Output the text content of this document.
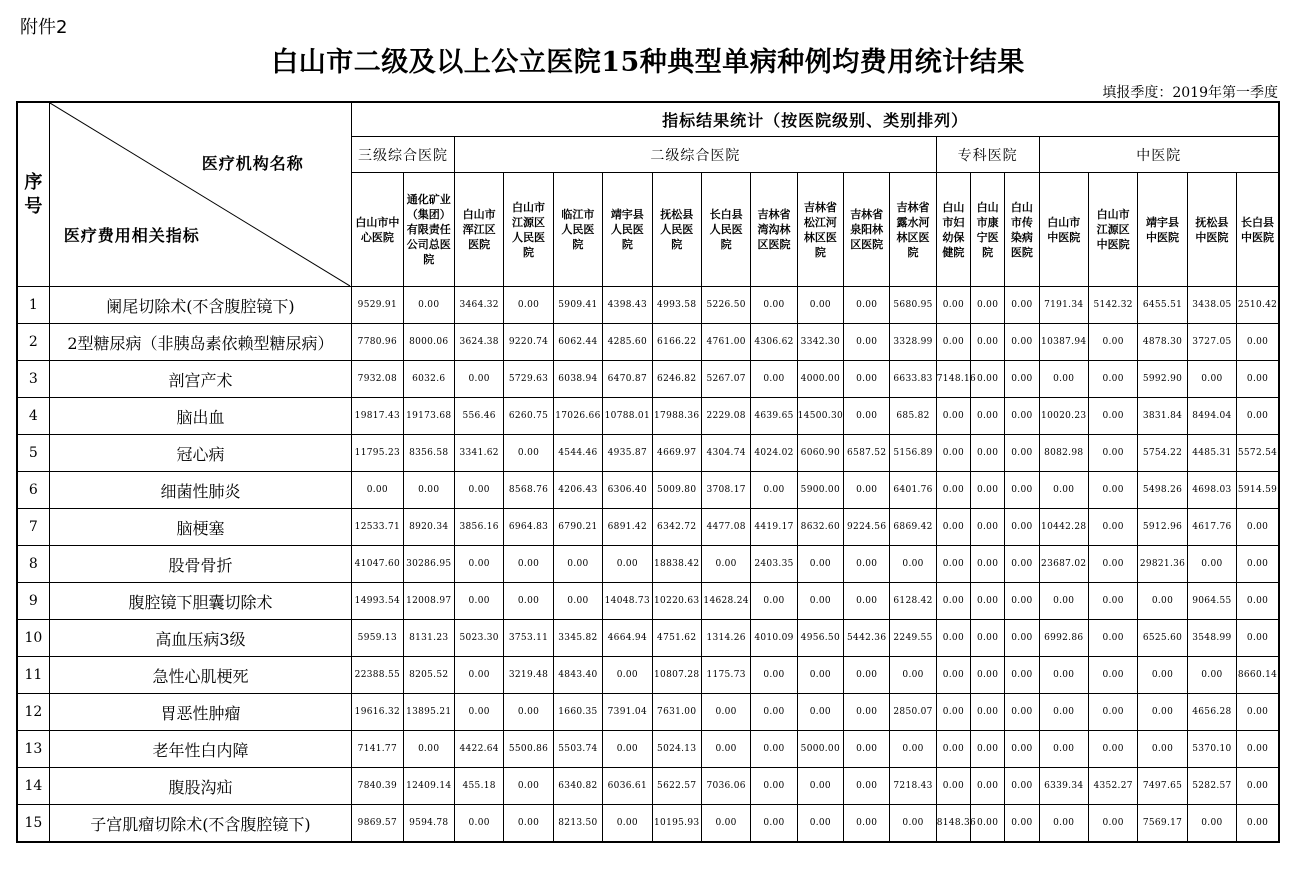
附件2
白山市二级及以上公立医院15种典型单病种例均费用统计结果
填报季度：2019年第一季度
序号	医疗机构名称
医疗费用相关指标	指标结果统计（按医院级别、类别排列）																			
		三级综合医院		二级综合医院										专科医院			中医院				

		白山市中心医院	通化矿业（集团）有限责任公司总医院	白山市浑江区医院	白山市江源区人民医院	临江市人民医院	靖宇县人民医院	抚松县人民医院	长白县人民医院	吉林省湾沟林区医院	吉林省松江河林区医院	吉林省泉阳林区医院	吉林省露水河林区医院	白山市妇幼保健院	白山市康宁医院	白山市传染病医院	白山市中医院	白山市江源区中医院	靖宇县中医院	抚松县中医院	长白县中医院

1	阑尾切除术(不含腹腔镜下)	9529.91	0.00	3464.32	0.00	5909.41	4398.43	4993.58	5226.50	0.00	0.00	0.00	5680.95	0.00	0.00	0.00	7191.34	5142.32	6455.51	3438.05	2510.42
2	2型糖尿病（非胰岛素依赖型糖尿病）	7780.96	8000.06	3624.38	9220.74	6062.44	4285.60	6166.22	4761.00	4306.62	3342.30	0.00	3328.99	0.00	0.00	0.00	10387.94	0.00	4878.30	3727.05	0.00
3	剖宫产术	7932.08	6032.6	0.00	5729.63	6038.94	6470.87	6246.82	5267.07	0.00	4000.00	0.00	6633.83	7148.16	0.00	0.00	0.00	0.00	5992.90	0.00	0.00
4	脑出血	19817.43	19173.68	556.46	6260.75	17026.66	10788.01	17988.36	2229.08	4639.65	14500.30	0.00	685.82	0.00	0.00	0.00	10020.23	0.00	3831.84	8494.04	0.00
5	冠心病	11795.23	8356.58	3341.62	0.00	4544.46	4935.87	4669.97	4304.74	4024.02	6060.90	6587.52	5156.89	0.00	0.00	0.00	8082.98	0.00	5754.22	4485.31	5572.54
6	细菌性肺炎	0.00	0.00	0.00	8568.76	4206.43	6306.40	5009.80	3708.17	0.00	5900.00	0.00	6401.76	0.00	0.00	0.00	0.00	0.00	5498.26	4698.03	5914.59
7	脑梗塞	12533.71	8920.34	3856.16	6964.83	6790.21	6891.42	6342.72	4477.08	4419.17	8632.60	9224.56	6869.42	0.00	0.00	0.00	10442.28	0.00	5912.96	4617.76	0.00
8	股骨骨折	41047.60	30286.95	0.00	0.00	0.00	0.00	18838.42	0.00	2403.35	0.00	0.00	0.00	0.00	0.00	0.00	23687.02	0.00	29821.36	0.00	0.00
9	腹腔镜下胆囊切除术	14993.54	12008.97	0.00	0.00	0.00	14048.73	10220.63	14628.24	0.00	0.00	0.00	6128.42	0.00	0.00	0.00	0.00	0.00	0.00	9064.55	0.00
10	高血压病3级	5959.13	8131.23	5023.30	3753.11	3345.82	4664.94	4751.62	1314.26	4010.09	4956.50	5442.36	2249.55	0.00	0.00	0.00	6992.86	0.00	6525.60	3548.99	0.00
11	急性心肌梗死	22388.55	8205.52	0.00	3219.48	4843.40	0.00	10807.28	1175.73	0.00	0.00	0.00	0.00	0.00	0.00	0.00	0.00	0.00	0.00	0.00	8660.14
12	胃恶性肿瘤	19616.32	13895.21	0.00	0.00	1660.35	7391.04	7631.00	0.00	0.00	0.00	0.00	2850.07	0.00	0.00	0.00	0.00	0.00	0.00	4656.28	0.00
13	老年性白内障	7141.77	0.00	4422.64	5500.86	5503.74	0.00	5024.13	0.00	0.00	5000.00	0.00	0.00	0.00	0.00	0.00	0.00	0.00	0.00	5370.10	0.00
14	腹股沟疝	7840.39	12409.14	455.18	0.00	6340.82	6036.61	5622.57	7036.06	0.00	0.00	0.00	7218.43	0.00	0.00	0.00	6339.34	4352.27	7497.65	5282.57	0.00
15	子宫肌瘤切除术(不含腹腔镜下)	9869.57	9594.78	0.00	0.00	8213.50	0.00	10195.93	0.00	0.00	0.00	0.00	0.00	8148.36	0.00	0.00	0.00	0.00	7569.17	0.00	0.00
